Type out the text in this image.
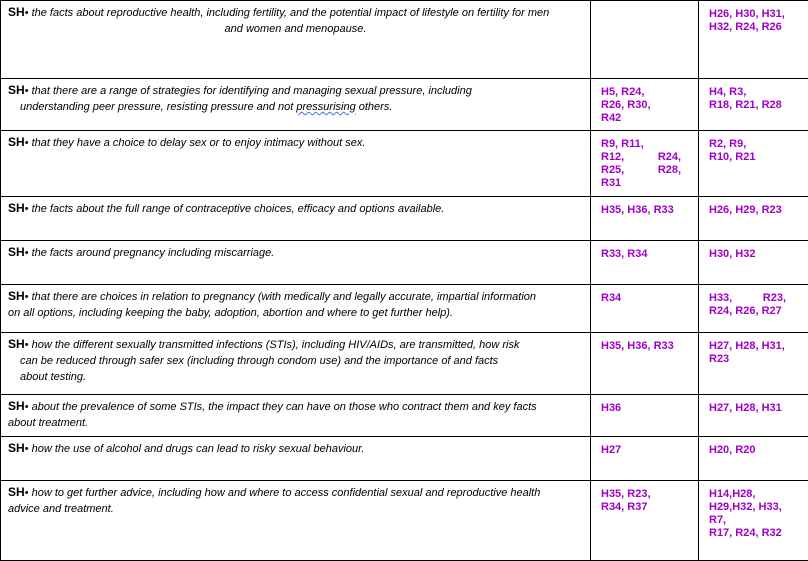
SH• the facts about reproductive health, including fertility, and the potential impact of lifestyle on fertility for men

and women and menopause.		H26, H30, H31,
H32, R24, R26
SH• that there are a range of strategies for identifying and managing sexual pressure, including

understanding peer pressure, resisting pressure and not pressurising others.	H5, R24,
R26, R30,
R42	H4, R3,
R18, R21, R28
SH• that they have a choice to delay sex or to enjoy intimacy without sex.	R9, R11,
R12,           R24,
R25,           R28,
R31	R2, R9,
R10, R21
SH• the facts about the full range of contraceptive choices, efficacy and options available.	H35, H36, R33	H26, H29, R23
SH• the facts around pregnancy including miscarriage.	R33, R34	H30, H32
SH• that there are choices in relation to pregnancy (with medically and legally accurate, impartial information
on all options, including keeping the baby, adoption, abortion and where to get further help).	R34	H33,          R23,
R24, R26, R27
SH• how the different sexually transmitted infections (STIs), including HIV/AIDs, are transmitted, how risk

can be reduced through safer sex (including through condom use) and the importance of and facts
about testing.	H35, H36, R33	H27, H28, H31,
R23
SH• about the prevalence of some STIs, the impact they can have on those who contract them and key facts
about treatment.	H36	H27, H28, H31
SH• how the use of alcohol and drugs can lead to risky sexual behaviour.	H27	H20, R20
SH• how to get further advice, including how and where to access confidential sexual and reproductive health
advice and treatment.	H35, R23,
R34, R37	H14,H28,
H29,H32, H33,
R7,
R17, R24, R32
